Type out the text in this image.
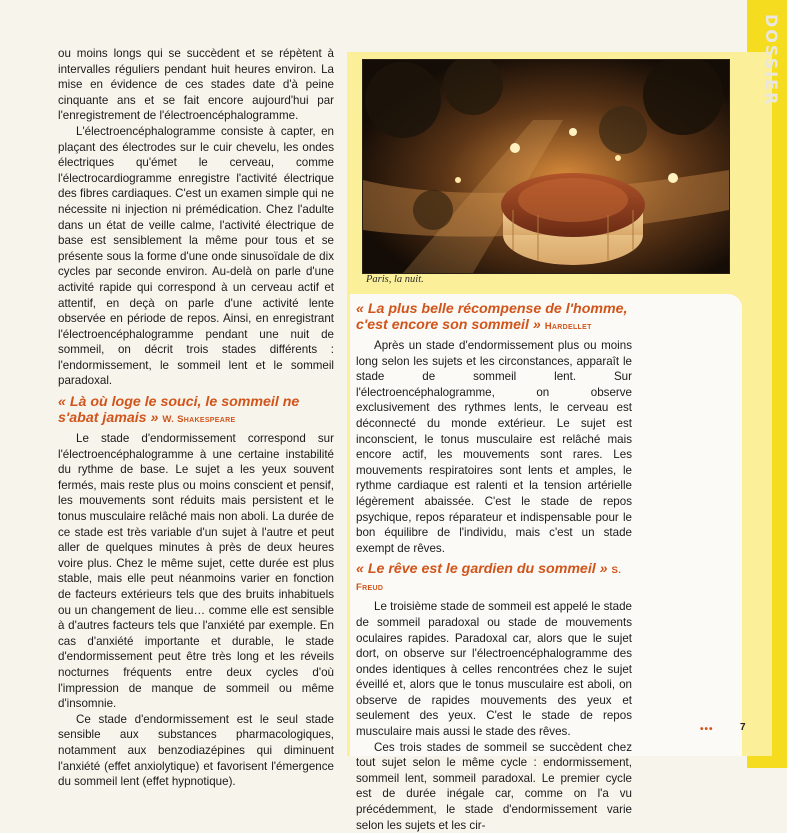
DOSSIER
Paris, la nuit.

ou moins longs qui se succèdent et se répètent à intervalles réguliers pendant huit heures environ. La mise en évidence de ces stades date d'à peine cinquante ans et se fait encore aujourd'hui par l'enregistrement de l'électroencéphalogramme.

L'électroencéphalogramme consiste à capter, en plaçant des électrodes sur le cuir chevelu, les ondes électriques qu'émet le cerveau, comme l'électrocardiogramme enregistre l'activité électrique des fibres cardiaques. C'est un examen simple qui ne nécessite ni injection ni prémédication. Chez l'adulte dans un état de veille calme, l'activité électrique de base est sensiblement la même pour tous et se présente sous la forme d'une onde sinusoïdale de dix cycles par seconde environ. Au-delà on parle d'une activité rapide qui correspond à un cerveau actif et attentif, en deçà on parle d'une activité lente observée en période de repos. Ainsi, en enregistrant l'électroencéphalogramme pendant une nuit de sommeil, on décrit trois stades différents : l'endormissement, le sommeil lent et le sommeil paradoxal.

« Là où loge le souci, le sommeil ne s'abat jamais » W. Shakespeare

Le stade d'endormissement correspond sur l'électroencéphalogramme à une certaine instabilité du rythme de base. Le sujet a les yeux souvent fermés, mais reste plus ou moins conscient et pensif, les mouvements sont réduits mais persistent et le tonus musculaire relâché mais non aboli. La durée de ce stade est très variable d'un sujet à l'autre et peut aller de quelques minutes à près de deux heures voire plus. Chez le même sujet, cette durée est plus stable, mais elle peut néanmoins varier en fonction de facteurs extérieurs tels que des bruits inhabituels ou un changement de lieu… comme elle est sensible à d'autres facteurs tels que l'anxiété par exemple. En cas d'anxiété importante et durable, le stade d'endormissement peut être très long et les réveils nocturnes fréquents entre deux cycles d'où l'impression de manque de sommeil ou même d'insomnie.

Ce stade d'endormissement est le seul stade sensible aux substances pharmacologiques, notamment aux benzodiazépines qui diminuent l'anxiété (effet anxiolytique) et favorisent l'émergence du sommeil lent (effet hypnotique).

« La plus belle récompense de l'homme, c'est encore son sommeil » Hardellet

Après un stade d'endormissement plus ou moins long selon les sujets et les circonstances, apparaît le stade de sommeil lent. Sur l'électroencéphalogramme, on observe exclusivement des rythmes lents, le cerveau est déconnecté du monde extérieur. Le sujet est inconscient, le tonus musculaire est relâché mais encore actif, les mouvements sont rares. Les mouvements respiratoires sont lents et amples, le rythme cardiaque est ralenti et la tension artérielle légèrement abaissée. C'est le stade de repos psychique, repos réparateur et indispensable pour le bon équilibre de l'individu, mais c'est un stade exempt de rêves.

« Le rêve est le gardien du sommeil » S. Freud

Le troisième stade de sommeil est appelé le stade de sommeil paradoxal ou stade de mouvements oculaires rapides. Paradoxal car, alors que le sujet dort, on observe sur l'électroencéphalogramme des ondes identiques à celles rencontrées chez le sujet éveillé et, alors que le tonus musculaire est aboli, on observe de rapides mouvements des yeux et seulement des yeux. C'est le stade de repos musculaire mais aussi le stade des rêves.

Ces trois stades de sommeil se succèdent chez tout sujet selon le même cycle : endormissement, sommeil lent, sommeil paradoxal. Le premier cycle est de durée inégale car, comme on l'a vu précédemment, le stade d'endormissement varie selon les sujets et les cir-

•••	7
